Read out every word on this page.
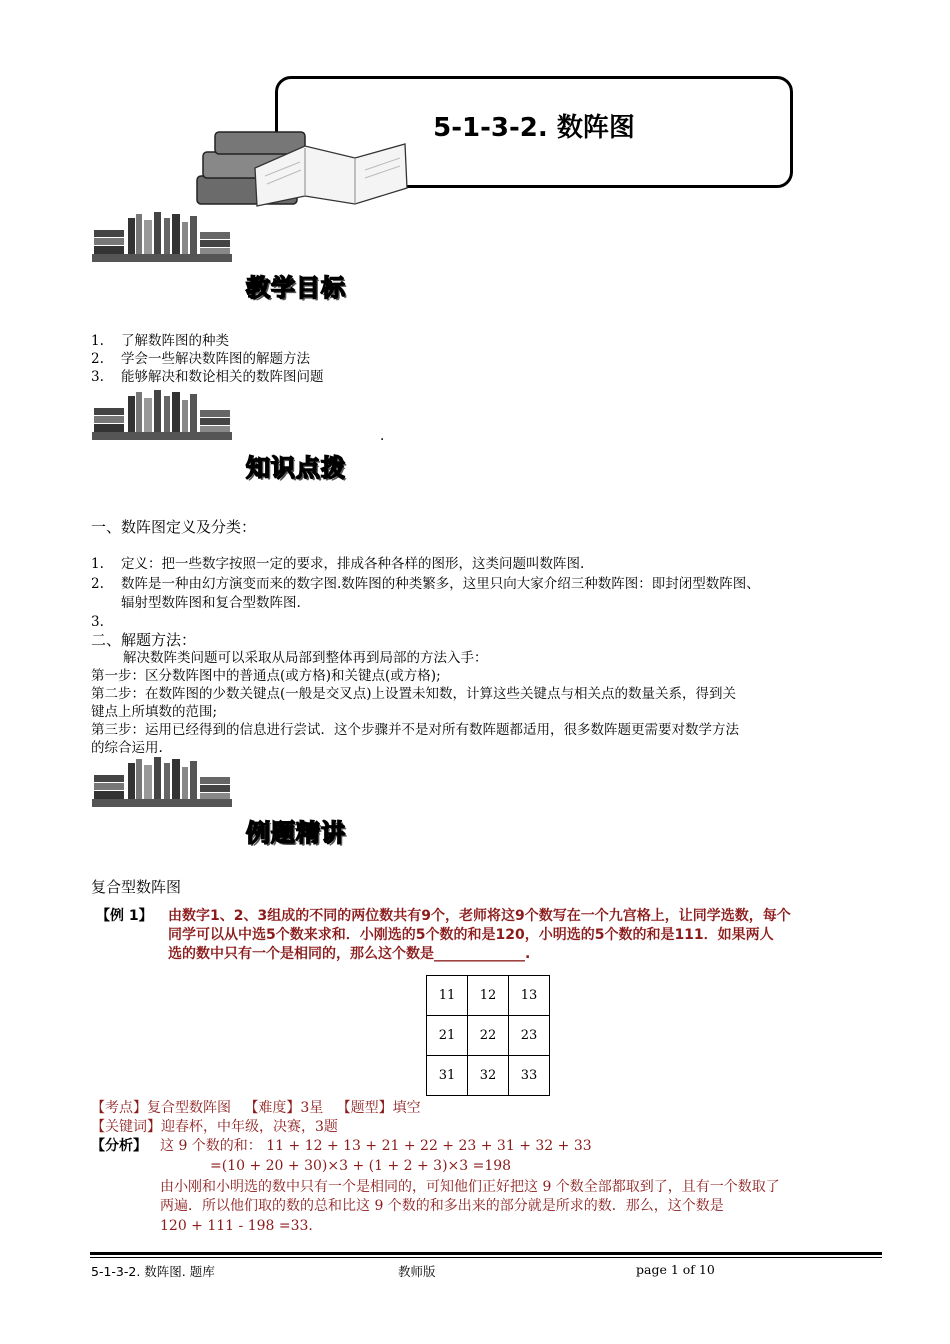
5-1-3-2. 数阵图
教学目标
1. 了解数阵图的种类
2. 学会一些解决数阵图的解题方法
3. 能够解决和数论相关的数阵图问题
.
知识点拨
一、数阵图定义及分类：
1. 定义：把一些数字按照一定的要求，排成各种各样的图形，这类问题叫数阵图.
2. 数阵是一种由幻方演变而来的数字图.数阵图的种类繁多，这里只向大家介绍三种数阵图：即封闭型数阵图、
辐射型数阵图和复合型数阵图.
3.
二、解题方法：
解决数阵类问题可以采取从局部到整体再到局部的方法入手：
第一步：区分数阵图中的普通点(或方格)和关键点(或方格);
第二步：在数阵图的少数关键点(一般是交叉点)上设置未知数，计算这些关键点与相关点的数量关系，得到关
键点上所填数的范围;
第三步：运用已经得到的信息进行尝试．这个步骤并不是对所有数阵题都适用，很多数阵题更需要对数学方法
的综合运用.
例题精讲
复合型数阵图
【例 1】 由数字1、2、3组成的不同的两位数共有9个，老师将这9个数写在一个九宫格上，让同学选数，每个
同学可以从中选5个数来求和．小刚选的5个数的和是120，小明选的5个数的和是111．如果两人
选的数中只有一个是相同的，那么这个数是_____________.
11	12	13
21	22	23
31	32	33
【考点】复合型数阵图 【难度】3星 【题型】填空
【关键词】迎春杯，中年级，决赛，3题
【分析】 这 9 个数的和： 11 + 12 + 13 + 21 + 22 + 23 + 31 + 32 + 33
=(10 + 20 + 30)×3 + (1 + 2 + 3)×3 =198
由小刚和小明选的数中只有一个是相同的，可知他们正好把这 9 个数全部都取到了，且有一个数取了
两遍．所以他们取的数的总和比这 9 个数的和多出来的部分就是所求的数．那么，这个数是
120 + 111 - 198 =33.
5-1-3-2. 数阵图. 题库	教师版	page 1 of 10
